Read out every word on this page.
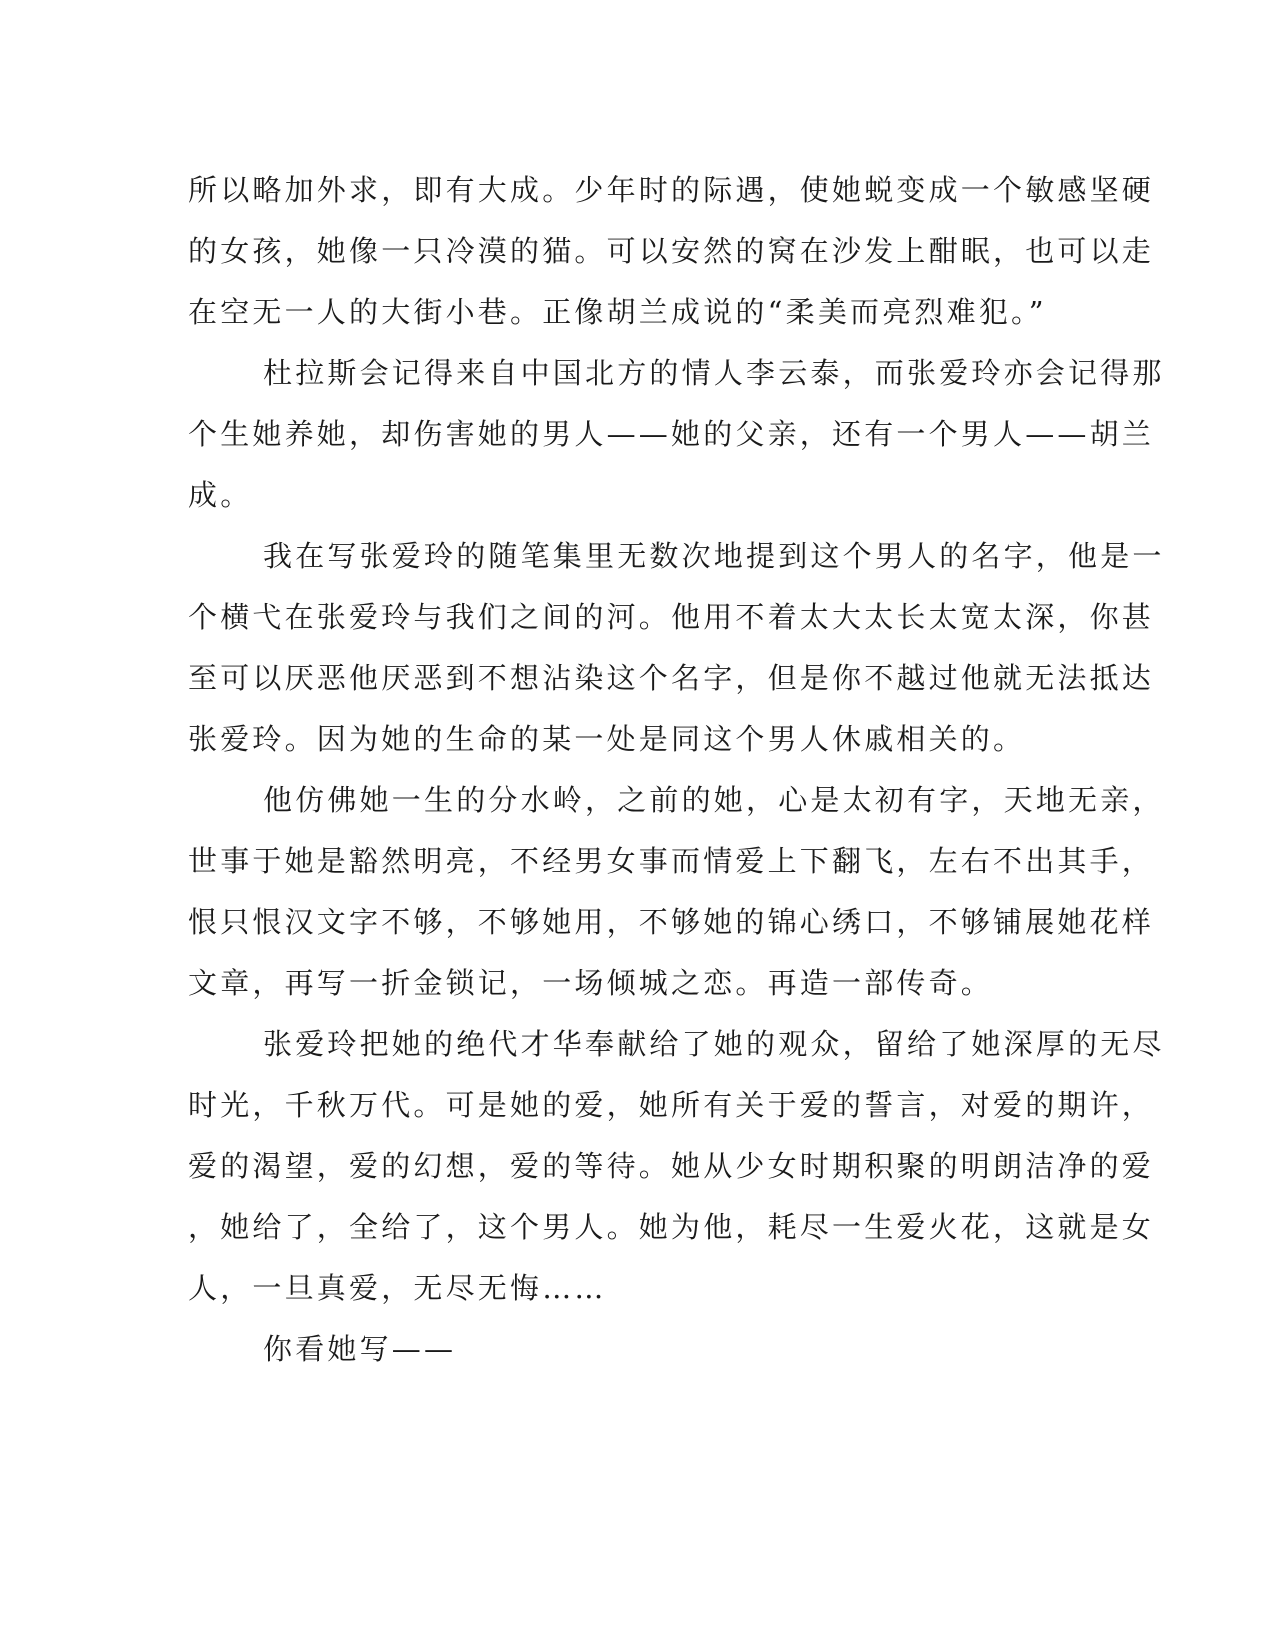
所以略加外求，即有大成。少年时的际遇，使她蜕变成一个敏感坚硬
的女孩，她像一只冷漠的猫。可以安然的窝在沙发上酣眠，也可以走
在空无一人的大街小巷。正像胡兰成说的“柔美而亮烈难犯。”
杜拉斯会记得来自中国北方的情人李云泰，而张爱玲亦会记得那
个生她养她，却伤害她的男人——她的父亲，还有一个男人——胡兰
成。
我在写张爱玲的随笔集里无数次地提到这个男人的名字，他是一
个横弋在张爱玲与我们之间的河。他用不着太大太长太宽太深，你甚
至可以厌恶他厌恶到不想沾染这个名字，但是你不越过他就无法抵达
张爱玲。因为她的生命的某一处是同这个男人休戚相关的。
他仿佛她一生的分水岭，之前的她，心是太初有字，天地无亲，
世事于她是豁然明亮，不经男女事而情爱上下翻飞，左右不出其手，
恨只恨汉文字不够，不够她用，不够她的锦心绣口，不够铺展她花样
文章，再写一折金锁记，一场倾城之恋。再造一部传奇。
张爱玲把她的绝代才华奉献给了她的观众，留给了她深厚的无尽
时光，千秋万代。可是她的爱，她所有关于爱的誓言，对爱的期许，
爱的渴望，爱的幻想，爱的等待。她从少女时期积聚的明朗洁净的爱
，她给了，全给了，这个男人。她为他，耗尽一生爱火花，这就是女
人，一旦真爱，无尽无悔……
你看她写——
